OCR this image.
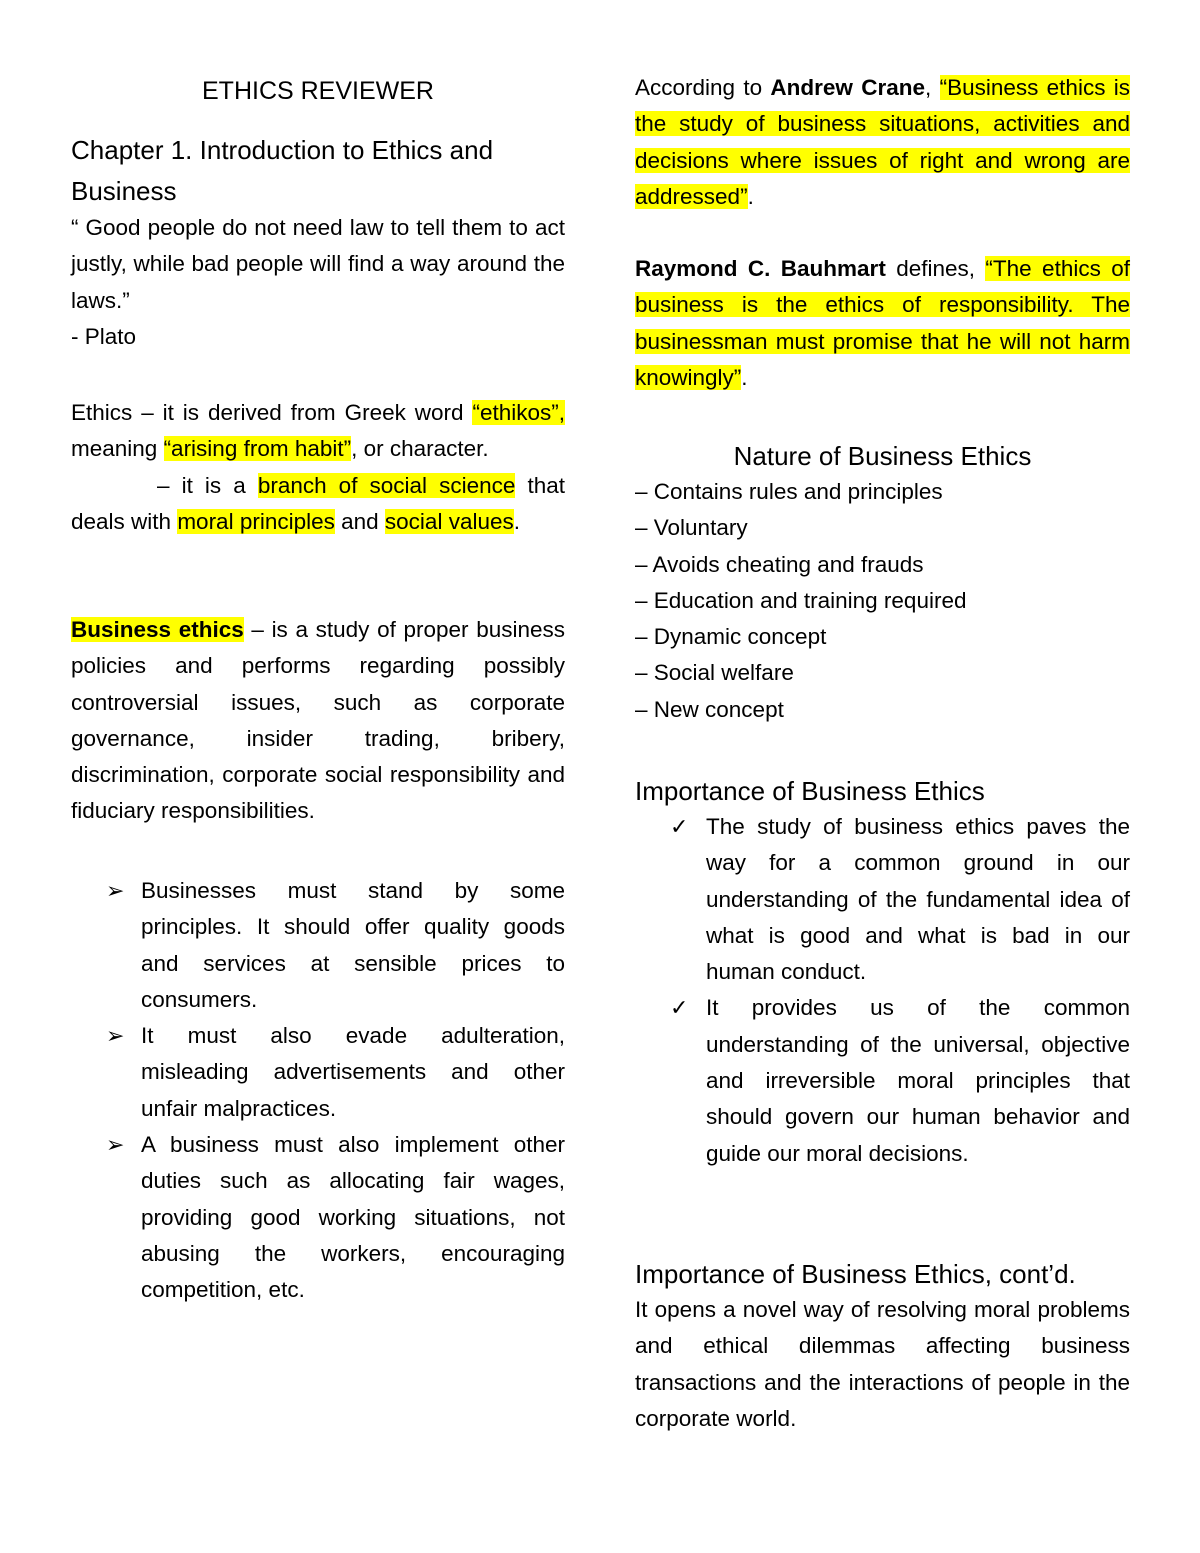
ETHICS REVIEWER
Chapter 1. Introduction to Ethics and Business

“ Good people do not need law to tell them to act justly, while bad people will find a way around the laws.”

- Plato

Ethics – it is derived from Greek word “ethikos”, meaning “arising from habit”, or character.

– it is a branch of social science that deals with moral principles and social values.

Business ethics – is a study of proper business policies and performs regarding possibly controversial issues, such as corporate governance, insider trading, bribery, discrimination, corporate social responsibility and fiduciary responsibilities.

➢ Businesses must stand by some principles. It should offer quality goods and services at sensible prices to consumers.
➢ It must also evade adulteration, misleading advertisements and other unfair malpractices.
➢ A business must also implement other duties such as allocating fair wages, providing good working situations, not abusing the workers, encouraging competition, etc.

According to Andrew Crane, “Business ethics is the study of business situations, activities and decisions where issues of right and wrong are addressed”.

Raymond C. Bauhmart defines, “The ethics of business is the ethics of responsibility. The businessman must promise that he will not harm knowingly”.

Nature of Business Ethics
– Contains rules and principles
– Voluntary
– Avoids cheating and frauds
– Education and training required
– Dynamic concept
– Social welfare
– New concept
Importance of Business Ethics
✓ The study of business ethics paves the way for a common ground in our understanding of the fundamental idea of what is good and what is bad in our human conduct.
✓ It provides us of the common understanding of the universal, objective and irreversible moral principles that should govern our human behavior and guide our moral decisions.
Importance of Business Ethics, cont’d.

It opens a novel way of resolving moral problems and ethical dilemmas affecting business transactions and the interactions of people in the corporate world.
